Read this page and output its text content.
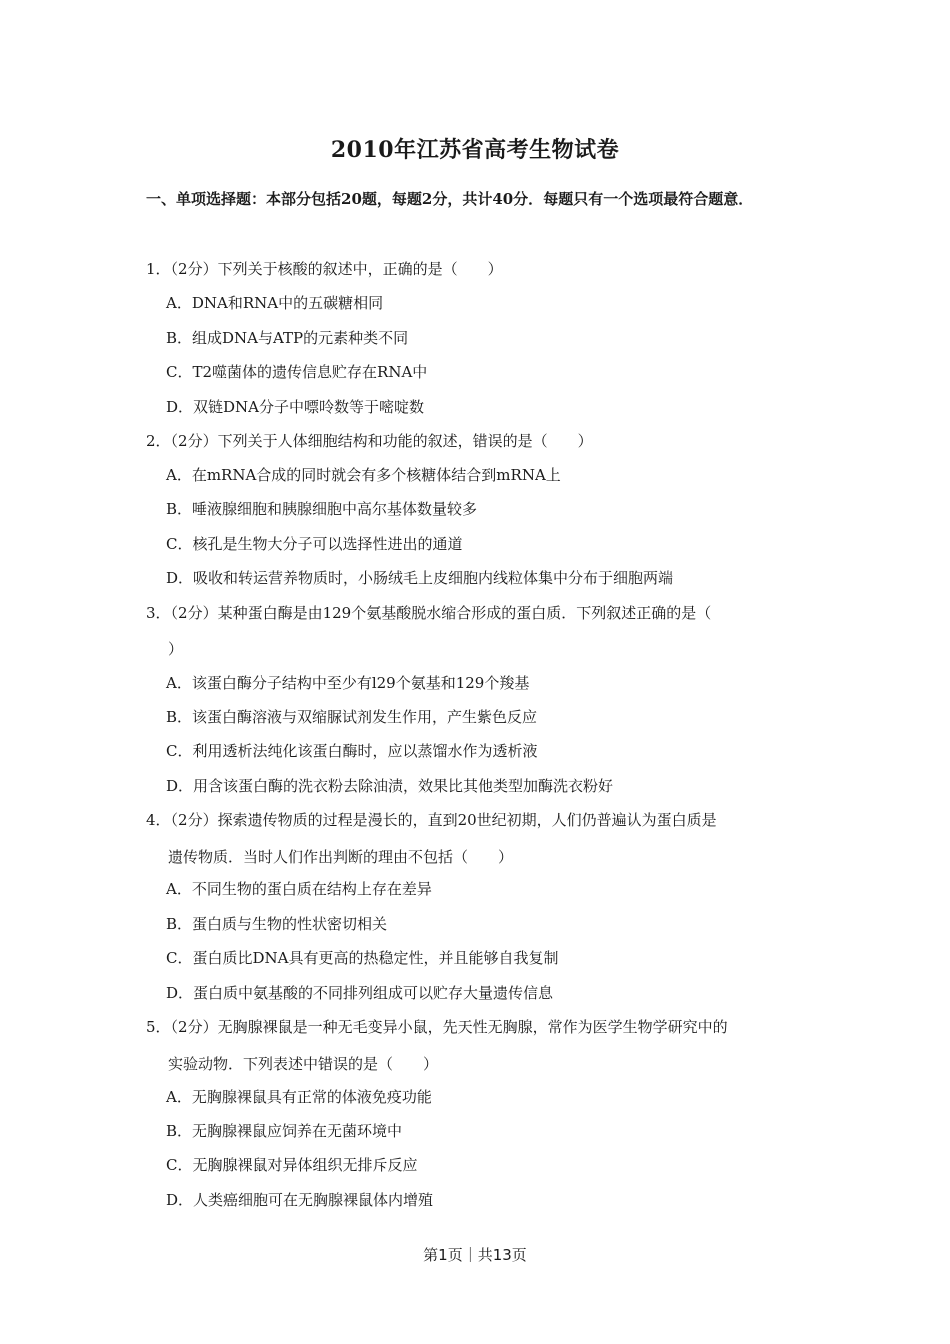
2010年江苏省高考生物试卷
一、单项选择题：本部分包括20题，每题2分，共计40分．每题只有一个选项最符合题意．
1．（2分）下列关于核酸的叙述中，正确的是（　　）
A．DNA和RNA中的五碳糖相同
B．组成DNA与ATP的元素种类不同
C．T2噬菌体的遗传信息贮存在RNA中
D．双链DNA分子中嘌呤数等于嘧啶数
2．（2分）下列关于人体细胞结构和功能的叙述，错误的是（　　）
A．在mRNA合成的同时就会有多个核糖体结合到mRNA上
B．唾液腺细胞和胰腺细胞中高尔基体数量较多
C．核孔是生物大分子可以选择性进出的通道
D．吸收和转运营养物质时，小肠绒毛上皮细胞内线粒体集中分布于细胞两端
3．（2分）某种蛋白酶是由129个氨基酸脱水缩合形成的蛋白质．下列叙述正确的是（
）
A．该蛋白酶分子结构中至少有l29个氨基和129个羧基
B．该蛋白酶溶液与双缩脲试剂发生作用，产生紫色反应
C．利用透析法纯化该蛋白酶时，应以蒸馏水作为透析液
D．用含该蛋白酶的洗衣粉去除油渍，效果比其他类型加酶洗衣粉好
4．（2分）探索遗传物质的过程是漫长的，直到20世纪初期，人们仍普遍认为蛋白质是
遗传物质．当时人们作出判断的理由不包括（　　）
A．不同生物的蛋白质在结构上存在差异
B．蛋白质与生物的性状密切相关
C．蛋白质比DNA具有更高的热稳定性，并且能够自我复制
D．蛋白质中氨基酸的不同排列组成可以贮存大量遗传信息
5．（2分）无胸腺裸鼠是一种无毛变异小鼠，先天性无胸腺，常作为医学生物学研究中的
实验动物．下列表述中错误的是（　　）
A．无胸腺裸鼠具有正常的体液免疫功能
B．无胸腺裸鼠应饲养在无菌环境中
C．无胸腺裸鼠对异体组织无排斥反应
D．人类癌细胞可在无胸腺裸鼠体内增殖
第1页｜共13页
